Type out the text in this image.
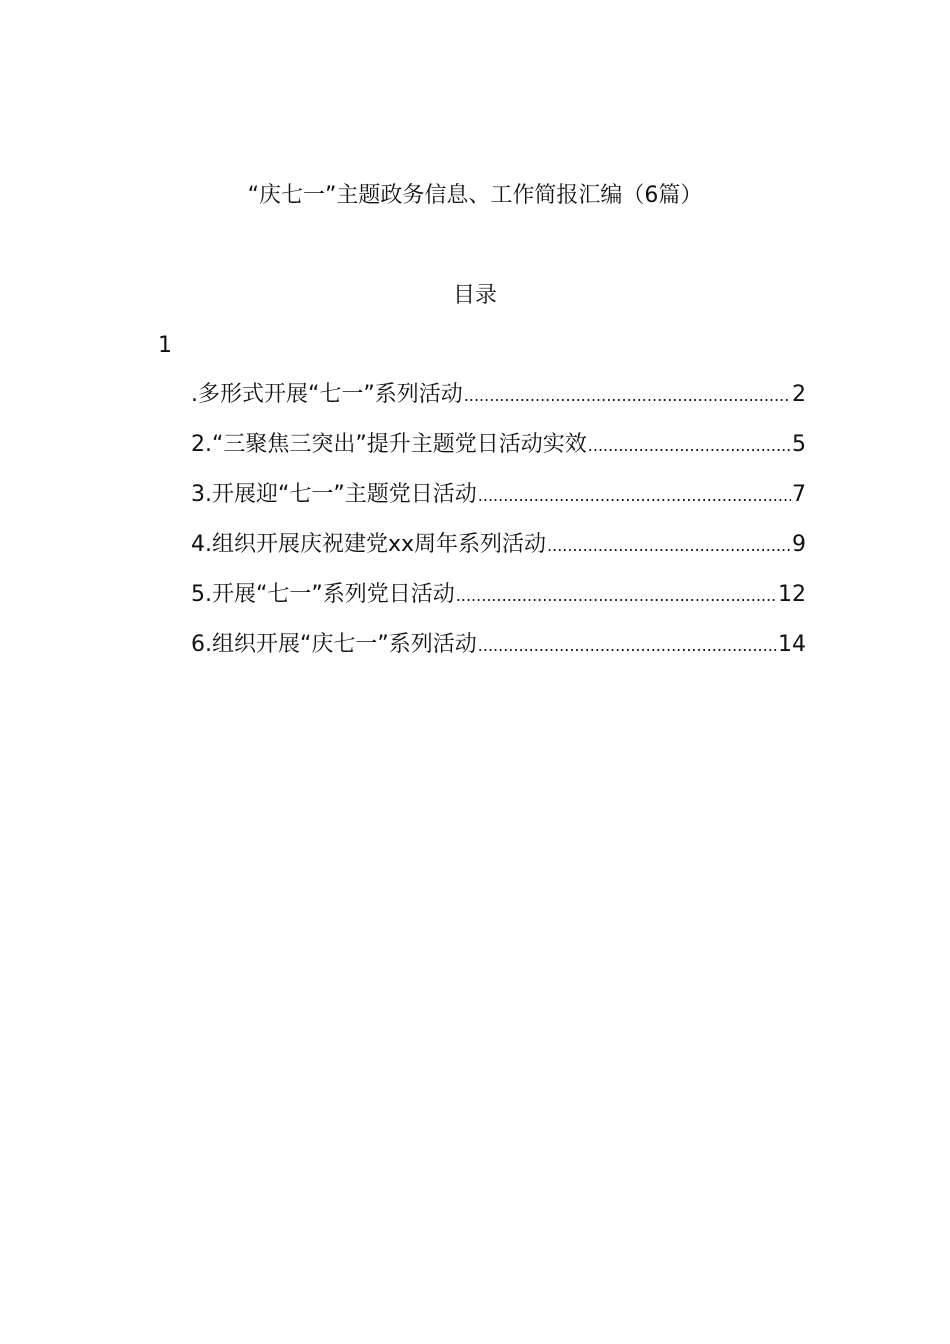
“庆七一”主题政务信息、工作简报汇编（6篇）
目录
1
.多形式开展“七一”系列活动 .....	2
2.“三聚焦三突出”提升主题党日活动实效 .....	5
3.开展迎“七一”主题党日活动 .....	7
4.组织开展庆祝建党xx周年系列活动 .....	9
5.开展“七一”系列党日活动 .....	12
6.组织开展“庆七一”系列活动 .....	14
